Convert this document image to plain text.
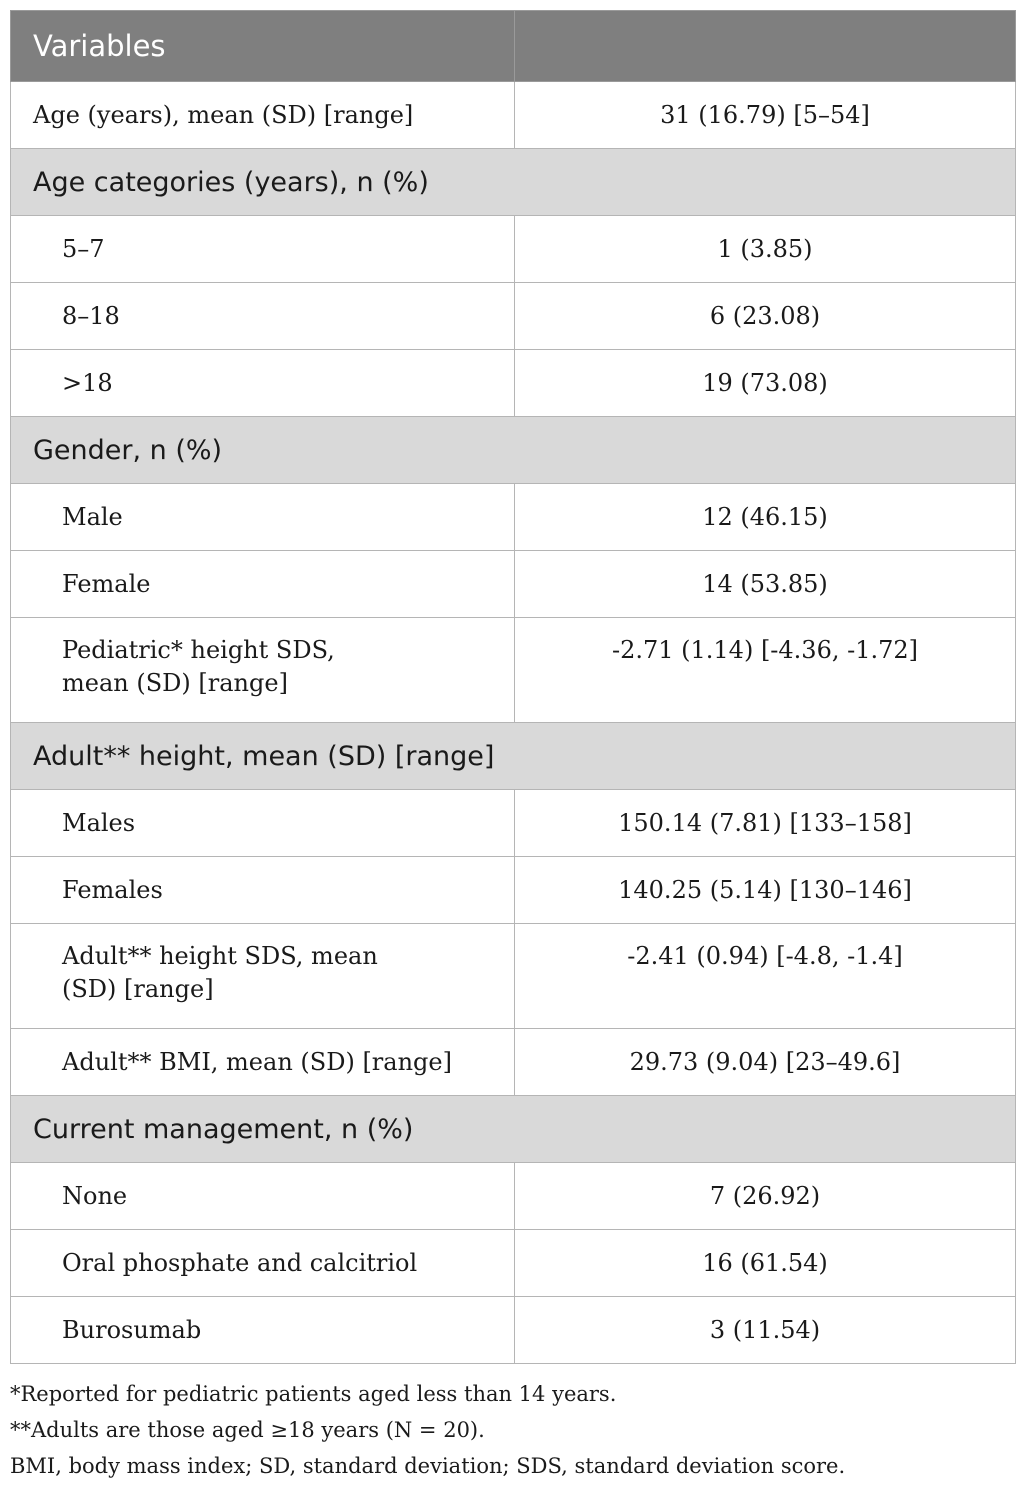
Variables	
Age (years), mean (SD) [range]	31 (16.79) [5–54]
Age categories (years), n (%)	
5–7	1 (3.85)
8–18	6 (23.08)
>18	19 (73.08)
Gender, n (%)	
Male	12 (46.15)
Female	14 (53.85)

Pediatric* height SDS,
mean (SD) [range]	-2.71 (1.14) [-4.36, -1.72]
Adult** height, mean (SD) [range]	
Males	150.14 (7.81) [133–158]
Females	140.25 (5.14) [130–146]

Adult** height SDS, mean
(SD) [range]	-2.41 (0.94) [-4.8, -1.4]
Adult** BMI, mean (SD) [range]	29.73 (9.04) [23–49.6]
Current management, n (%)	
None	7 (26.92)
Oral phosphate and calcitriol	16 (61.54)
Burosumab	3 (11.54)
*Reported for pediatric patients aged less than 14 years.
**Adults are those aged ≥18 years (N = 20).
BMI, body mass index; SD, standard deviation; SDS, standard deviation score.
